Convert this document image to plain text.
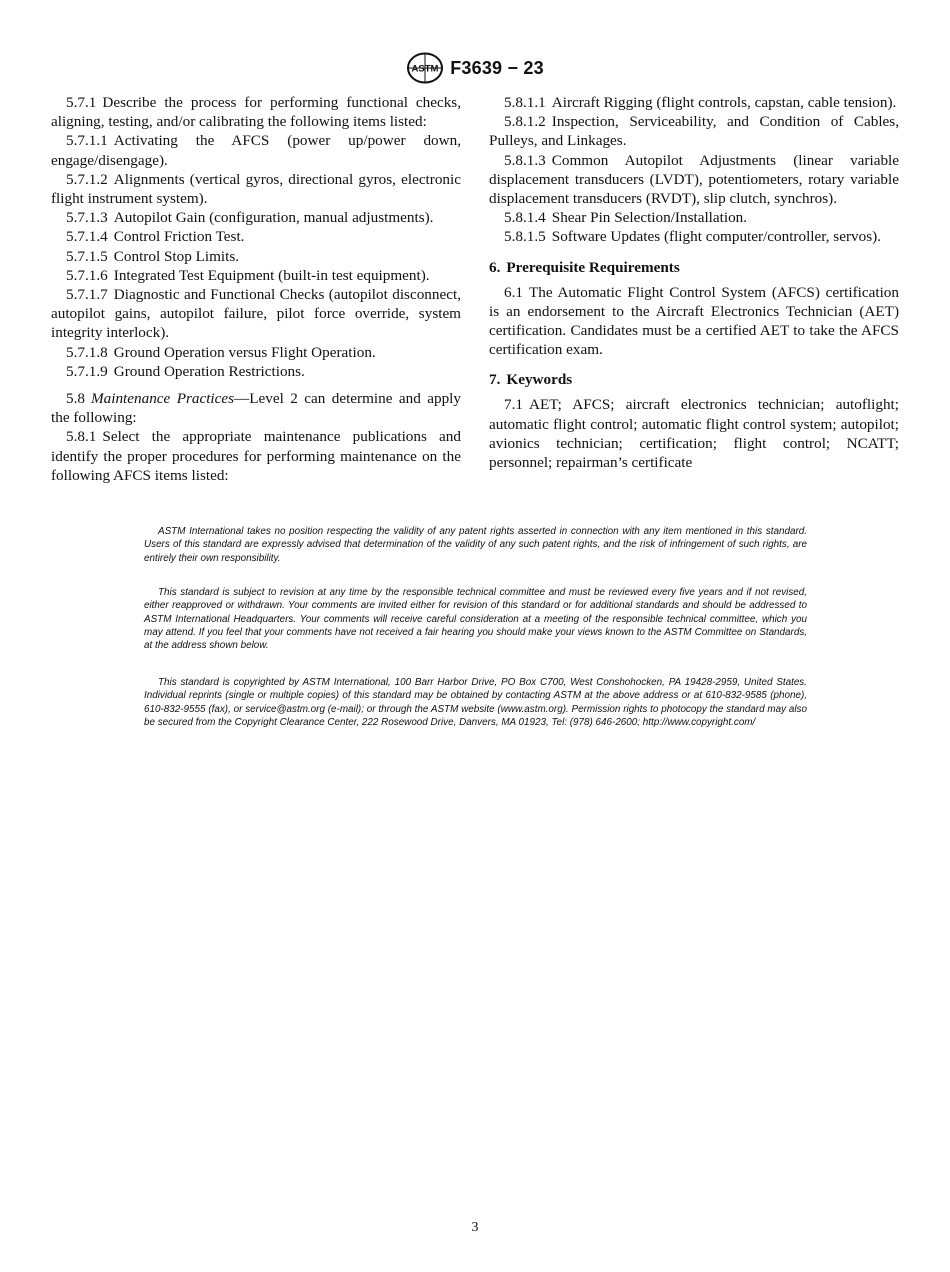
ASTM F3639 − 23

5.7.1 Describe the process for performing functional checks, aligning, testing, and/or calibrating the following items listed:

5.7.1.1 Activating the AFCS (power up/power down, engage/disengage).

5.7.1.2 Alignments (vertical gyros, directional gyros, electronic flight instrument system).

5.7.1.3 Autopilot Gain (configuration, manual adjustments).

5.7.1.4 Control Friction Test.

5.7.1.5 Control Stop Limits.

5.7.1.6 Integrated Test Equipment (built-in test equipment).

5.7.1.7 Diagnostic and Functional Checks (autopilot disconnect, autopilot gains, autopilot failure, pilot force override, system integrity interlock).

5.7.1.8 Ground Operation versus Flight Operation.

5.7.1.9 Ground Operation Restrictions.

5.8 Maintenance Practices—Level 2 can determine and apply the following:

5.8.1 Select the appropriate maintenance publications and identify the proper procedures for performing maintenance on the following AFCS items listed:

5.8.1.1 Aircraft Rigging (flight controls, capstan, cable tension).

5.8.1.2 Inspection, Serviceability, and Condition of Cables, Pulleys, and Linkages.

5.8.1.3 Common Autopilot Adjustments (linear variable displacement transducers (LVDT), potentiometers, rotary variable displacement transducers (RVDT), slip clutch, synchros).

5.8.1.4 Shear Pin Selection/Installation.

5.8.1.5 Software Updates (flight computer/controller, servos).

6. Prerequisite Requirements

6.1 The Automatic Flight Control System (AFCS) certification is an endorsement to the Aircraft Electronics Technician (AET) certification. Candidates must be a certified AET to take the AFCS certification exam.

7. Keywords

7.1 AET; AFCS; aircraft electronics technician; autoflight; automatic flight control; automatic flight control system; autopilot; avionics technician; certification; flight control; NCATT; personnel; repairman’s certificate

ASTM International takes no position respecting the validity of any patent rights asserted in connection with any item mentioned in this standard. Users of this standard are expressly advised that determination of the validity of any such patent rights, and the risk of infringement of such rights, are entirely their own responsibility.

This standard is subject to revision at any time by the responsible technical committee and must be reviewed every five years and if not revised, either reapproved or withdrawn. Your comments are invited either for revision of this standard or for additional standards and should be addressed to ASTM International Headquarters. Your comments will receive careful consideration at a meeting of the responsible technical committee, which you may attend. If you feel that your comments have not received a fair hearing you should make your views known to the ASTM Committee on Standards, at the address shown below.

This standard is copyrighted by ASTM International, 100 Barr Harbor Drive, PO Box C700, West Conshohocken, PA 19428-2959, United States. Individual reprints (single or multiple copies) of this standard may be obtained by contacting ASTM at the above address or at 610-832-9585 (phone), 610-832-9555 (fax), or service@astm.org (e-mail); or through the ASTM website (www.astm.org). Permission rights to photocopy the standard may also be secured from the Copyright Clearance Center, 222 Rosewood Drive, Danvers, MA 01923, Tel: (978) 646-2600; http://www.copyright.com/

3
